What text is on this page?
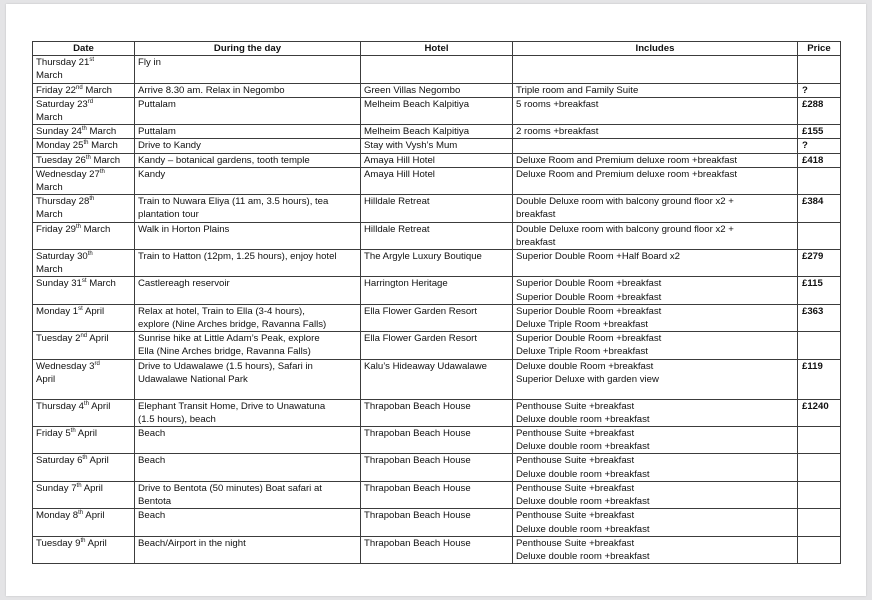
Date	During the day	Hotel	Includes	Price
Thursday 21st
March	Fly in			

Friday 22nd March	Arrive 8.30 am. Relax in Negombo	Green Villas Negombo	Triple room and Family Suite	?
Saturday 23rd
March	Puttalam	Melheim Beach Kalpitiya	5 rooms +breakfast	£288
Sunday 24th March	Puttalam	Melheim Beach Kalpitiya	2 rooms +breakfast	£155
Monday 25th March	Drive to Kandy	Stay with Vysh’s Mum		?
Tuesday 26th March	Kandy – botanical gardens, tooth temple	Amaya Hill Hotel	Deluxe Room and Premium deluxe room +breakfast	£418
Wednesday 27th
March	Kandy	Amaya Hill Hotel	Deluxe Room and Premium deluxe room +breakfast	

Thursday 28th
March	Train to Nuwara Eliya (11 am, 3.5 hours), tea
plantation tour	Hilldale Retreat	Double Deluxe room with balcony ground floor x2 +
breakfast	£384
Friday 29th March	Walk in Horton Plains	Hilldale Retreat	Double Deluxe room with balcony ground floor x2 +
breakfast	

Saturday 30th
March	Train to Hatton (12pm, 1.25 hours), enjoy hotel	The Argyle Luxury Boutique	Superior Double Room +Half Board x2	£279
Sunday 31st March	Castlereagh reservoir	Harrington Heritage	Superior Double Room +breakfast
Superior Double Room +breakfast	£115
Monday 1st April	Relax at hotel, Train to Ella (3-4 hours),
explore (Nine Arches bridge, Ravanna Falls)	Ella Flower Garden Resort	Superior Double Room +breakfast
Deluxe Triple Room +breakfast	£363
Tuesday 2nd April	Sunrise hike at Little Adam’s Peak, explore
Ella (Nine Arches bridge, Ravanna Falls)	Ella Flower Garden Resort	Superior Double Room +breakfast
Deluxe Triple Room +breakfast	

Wednesday 3rd
April	Drive to Udawalawe (1.5 hours), Safari in
Udawalawe National Park	Kalu’s Hideaway Udawalawe	Deluxe double Room +breakfast
Superior Deluxe with garden view	£119
Thursday 4th April	Elephant Transit Home, Drive to Unawatuna
(1.5 hours), beach	Thrapoban Beach House	Penthouse Suite +breakfast
Deluxe double room +breakfast	£1240
Friday 5th April	Beach	Thrapoban Beach House	Penthouse Suite +breakfast
Deluxe double room +breakfast	

Saturday 6th April	Beach	Thrapoban Beach House	Penthouse Suite +breakfast
Deluxe double room +breakfast	

Sunday 7th April	Drive to Bentota (50 minutes) Boat safari at
Bentota	Thrapoban Beach House	Penthouse Suite +breakfast
Deluxe double room +breakfast	

Monday 8th April	Beach	Thrapoban Beach House	Penthouse Suite +breakfast
Deluxe double room +breakfast	

Tuesday 9th April	Beach/Airport in the night	Thrapoban Beach House	Penthouse Suite +breakfast
Deluxe double room +breakfast	
